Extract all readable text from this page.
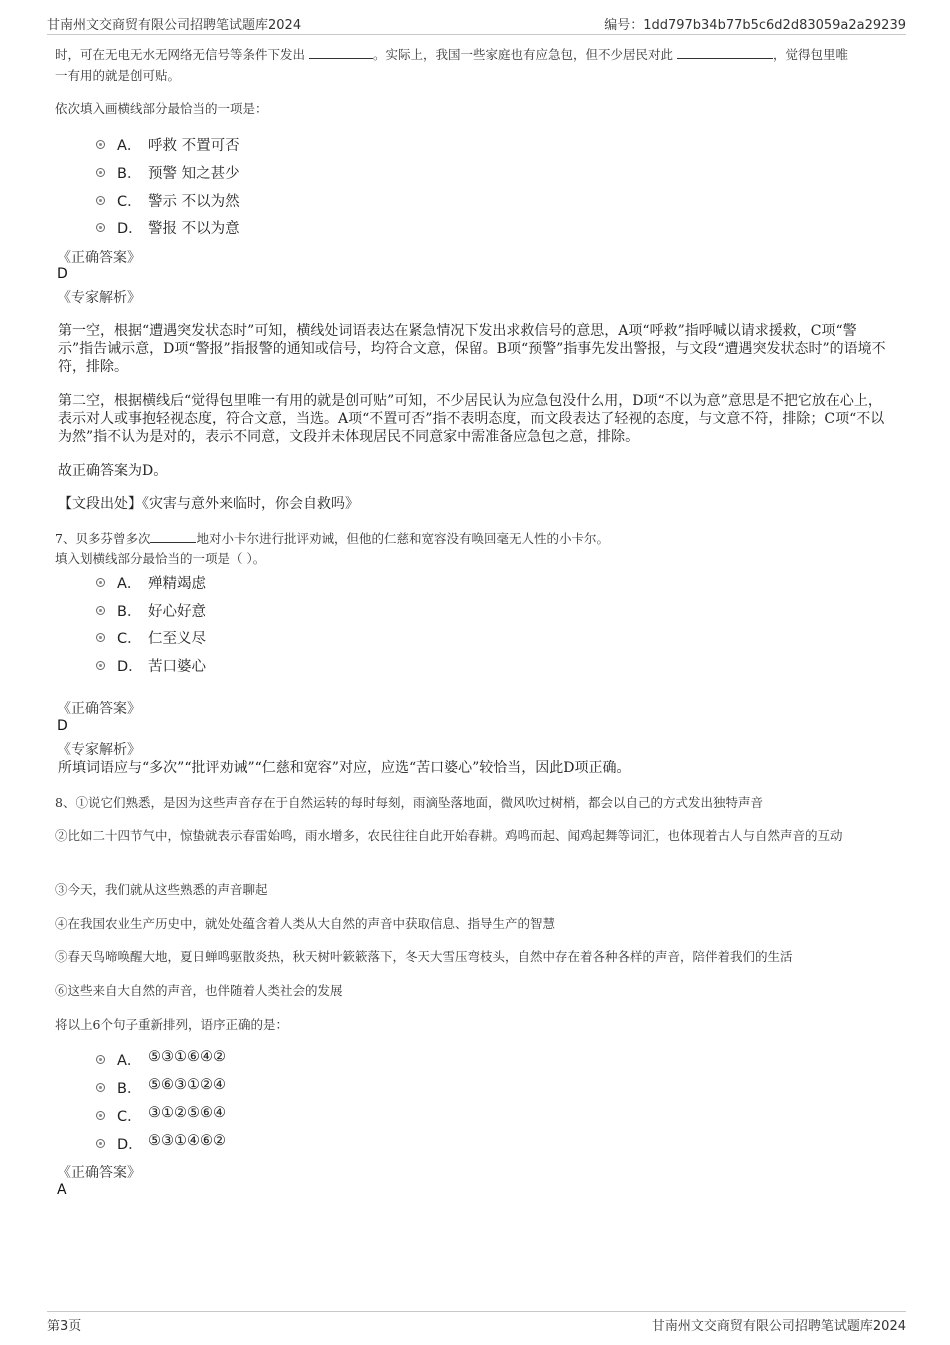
甘南州文交商贸有限公司招聘笔试题库2024	编号：1dd797b34b77b5c6d2d83059a2a29239
时，可在无电无水无网络无信号等条件下发出	。实际上，我国一些家庭也有应急包，但不少居民对此	，觉得包里唯
一有用的就是创可贴。
依次填入画横线部分最恰当的一项是：
A． 呼救 不置可否
B． 预警 知之甚少
C． 警示 不以为然
D． 警报 不以为意
《正确答案》
D
《专家解析》
第一空，根据“遭遇突发状态时”可知，横线处词语表达在紧急情况下发出求救信号的意思，A项“呼救”指呼喊以请求援救，C项“警示”指告诫示意，D项“警报”指报警的通知或信号，均符合文意，保留。B项“预警”指事先发出警报，与文段“遭遇突发状态时”的语境不符，排除。
第二空，根据横线后“觉得包里唯一有用的就是创可贴”可知，不少居民认为应急包没什么用，D项“不以为意”意思是不把它放在心上，表示对人或事抱轻视态度，符合文意，当选。A项“不置可否”指不表明态度，而文段表达了轻视的态度，与文意不符，排除；C项“不以为然”指不认为是对的，表示不同意，文段并未体现居民不同意家中需准备应急包之意，排除。
故正确答案为D。
【文段出处】《灾害与意外来临时，你会自救吗》
7、贝多芬曾多次	地对小卡尔进行批评劝诫，但他的仁慈和宽容没有唤回毫无人性的小卡尔。
填入划横线部分最恰当的一项是（ ）。
A． 殚精竭虑
B． 好心好意
C． 仁至义尽
D． 苦口婆心
《正确答案》
D
《专家解析》
所填词语应与“多次”“批评劝诫”“仁慈和宽容”对应，应选“苦口婆心”较恰当，因此D项正确。
8、①说它们熟悉，是因为这些声音存在于自然运转的每时每刻，雨滴坠落地面，微风吹过树梢，都会以自己的方式发出独特声音
②比如二十四节气中，惊蛰就表示春雷始鸣，雨水增多，农民往往自此开始春耕。鸡鸣而起、闻鸡起舞等词汇，也体现着古人与自然声音的互动
③今天，我们就从这些熟悉的声音聊起
④在我国农业生产历史中，就处处蕴含着人类从大自然的声音中获取信息、指导生产的智慧
⑤春天鸟啼唤醒大地，夏日蝉鸣驱散炎热，秋天树叶簌簌落下，冬天大雪压弯枝头，自然中存在着各种各样的声音，陪伴着我们的生活
⑥这些来自大自然的声音，也伴随着人类社会的发展
将以上6个句子重新排列，语序正确的是：
A． ⑤③①⑥④②
B． ⑤⑥③①②④
C． ③①②⑤⑥④
D． ⑤③①④⑥②
《正确答案》
A
第3页	甘南州文交商贸有限公司招聘笔试题库2024
